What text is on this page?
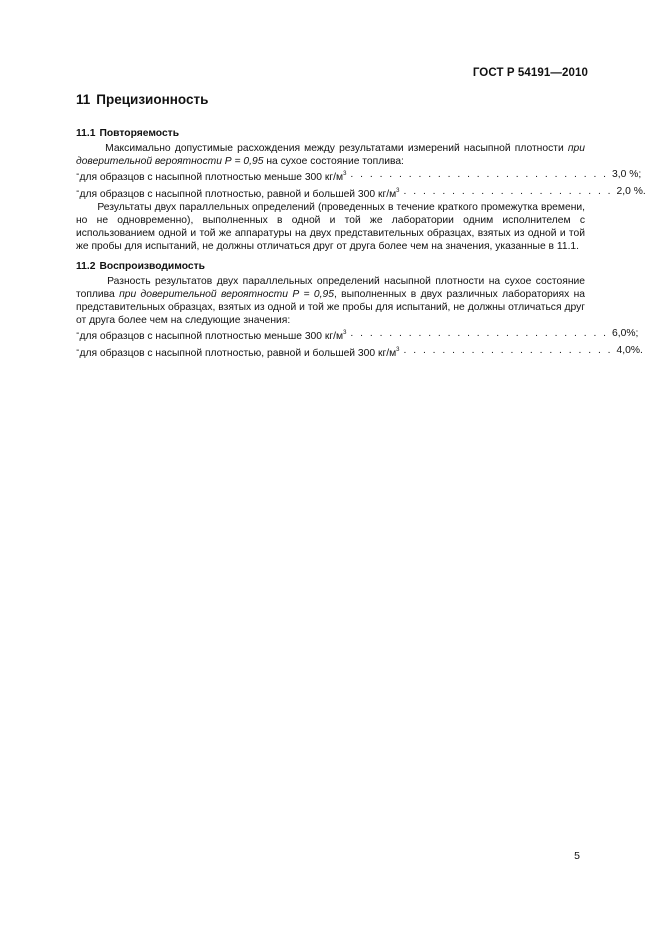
ГОСТ Р 54191—2010
11 Прецизионность
11.1 Повторяемость

Максимально допустимые расхождения между результатами измерений насыпной плотности при доверительной вероятности Р = 0,95 на сухое состояние топлива:

- для образцов с насыпной плотностью меньше 300 $кг/м^3$ . . . . . . . . . . . . . . . . . . . . . . . . . . . 3,0 %;
- для образцов с насыпной плотностью, равной и большей 300 $кг/м^3$ . . . . . . . . . . . . . . . . . . . . . . 2,0 %.

Результаты двух параллельных определений (проведенных в течение краткого промежутка времени, но не одновременно), выполненных в одной и той же лаборатории одним исполнителем с использованием одной и той же аппаратуры на двух представительных образцах, взятых из одной и той же пробы для испытаний, не должны отличаться друг от друга более чем на значения, указанные в 11.1.

11.2 Воспроизводимость

Разность результатов двух параллельных определений насыпной плотности на сухое состояние топлива при доверительной вероятности Р = 0,95, выполненных в двух различных лабораториях на представительных образцах, взятых из одной и той же пробы для испытаний, не должны отличаться друг от друга более чем на следующие значения:

- для образцов с насыпной плотностью меньше 300 $кг/м^3$ . . . . . . . . . . . . . . . . . . . . . . . . . . . 6,0%;
- для образцов с насыпной плотностью, равной и большей 300 $кг/м^3$ . . . . . . . . . . . . . . . . . . . . . . 4,0%.
5
